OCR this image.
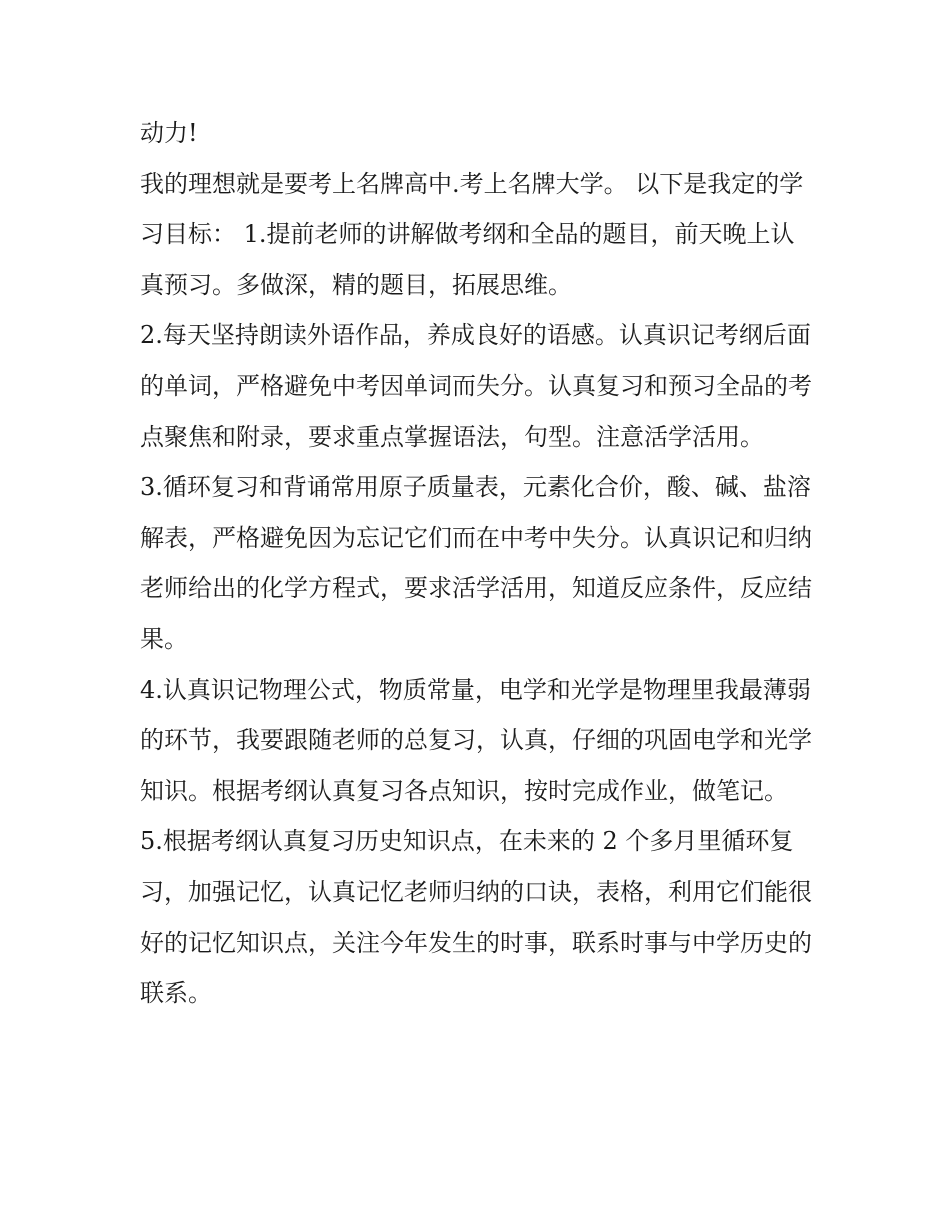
动力!

我的理想就是要考上名牌高中.考上名牌大学。 以下是我定的学习目标： 1.提前老师的讲解做考纲和全品的题目，前天晚上认真预习。多做深，精的题目，拓展思维。

2.每天坚持朗读外语作品，养成良好的语感。认真识记考纲后面的单词，严格避免中考因单词而失分。认真复习和预习全品的考点聚焦和附录，要求重点掌握语法，句型。注意活学活用。

3.循环复习和背诵常用原子质量表，元素化合价，酸、碱、盐溶解表，严格避免因为忘记它们而在中考中失分。认真识记和归纳老师给出的化学方程式，要求活学活用，知道反应条件，反应结果。

4.认真识记物理公式，物质常量，电学和光学是物理里我最薄弱的环节，我要跟随老师的总复习，认真，仔细的巩固电学和光学知识。根据考纲认真复习各点知识，按时完成作业，做笔记。

5.根据考纲认真复习历史知识点，在未来的 2 个多月里循环复习，加强记忆，认真记忆老师归纳的口诀，表格，利用它们能很好的记忆知识点，关注今年发生的时事，联系时事与中学历史的联系。
